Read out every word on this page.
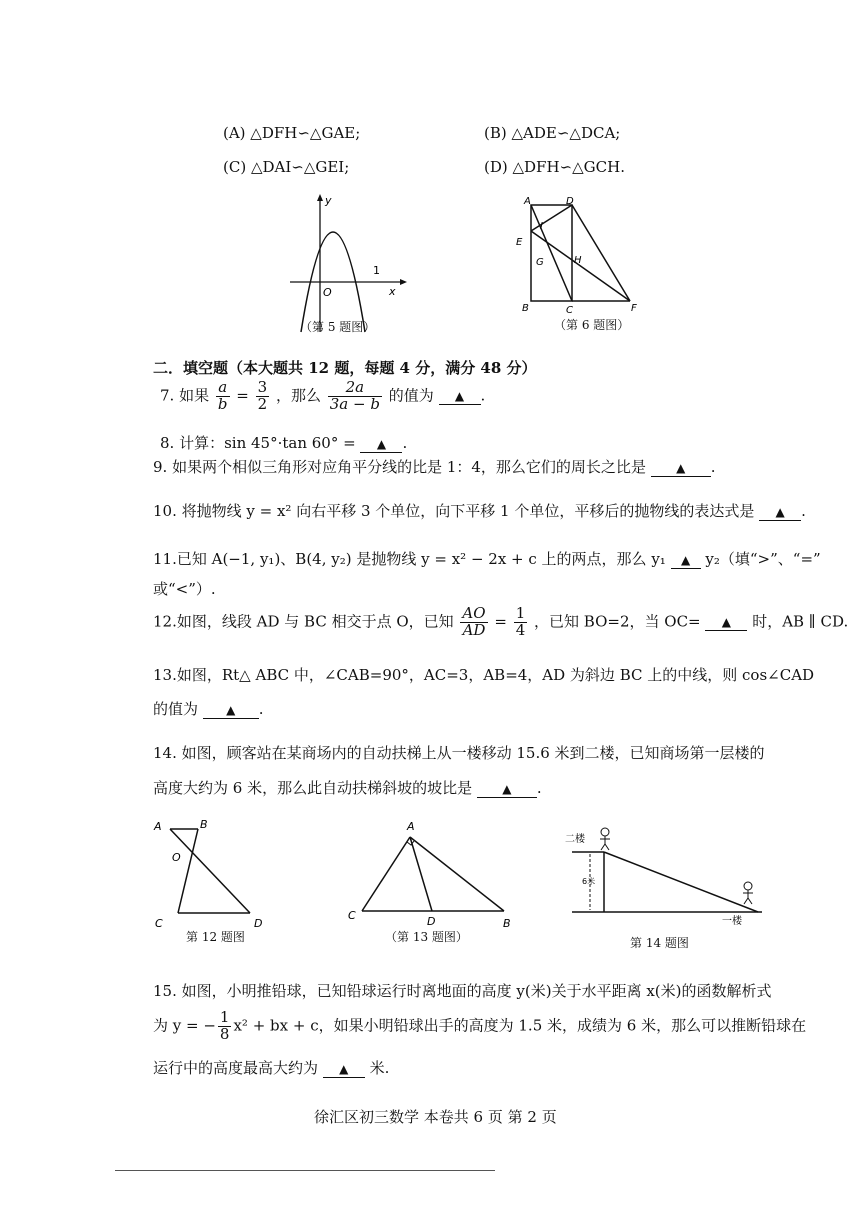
(A) △DFH∽△GAE;	(B) △ADE∽△DCA;
(C) △DAI∽△GEI;	(D) △DFH∽△GCH.
y
x
O
1
（第 5 题图）
A	D
I
E
G	H
B	C	F
（第 6 题图）
二．填空题（本大题共 12 题，每题 4 分，满分 48 分）
7. 如果 $\frac{a}{b} = \frac{3}{2}$ ，那么 $\frac{2a}{3a - b}$ 的值为 ▲ .
8. 计算：sin 45°·tan 60° = ▲ .
9. 如果两个相似三角形对应角平分线的比是 1：4，那么它们的周长之比是	▲ .
10. 将抛物线 y = x² 向右平移 3 个单位，向下平移 1 个单位，平移后的抛物线的表达式是 ▲ .
11.已知 A(−1, y₁)、B(4, y₂) 是抛物线 y = x² − 2x + c 上的两点，那么 y₁ ▲ y₂（填“>”、“=”
或“<”）.
12.如图，线段 AD 与 BC 相交于点 O，已知 $\frac{AO}{AD} = \frac{1}{4}$ ，已知 BO=2，当 OC= ▲ 时，AB ∥ CD.
13.如图，Rt△ ABC 中，∠CAB=90°，AC=3，AB=4，AD 为斜边 BC 上的中线，则 cos∠CAD
的值为 ▲ .
14. 如图，顾客站在某商场内的自动扶梯上从一楼移动 15.6 米到二楼，已知商场第一层楼的
高度大约为 6 米，那么此自动扶梯斜坡的坡比是	▲ .
A	B
O
C	D
第 12 题图
A
C	D	B
（第 13 题图）
二楼
6米
一楼
第 14 题图
15. 如图，小明推铅球，已知铅球运行时离地面的高度 y(米)关于水平距离 x(米)的函数解析式
为 y = − $\frac{1}{8} x^2$ + bx + c，如果小明铅球出手的高度为 1.5 米，成绩为 6 米，那么可以推断铅球在
运行中的高度最高大约为 ▲ 米.
徐汇区初三数学 本卷共 6 页 第 2 页
